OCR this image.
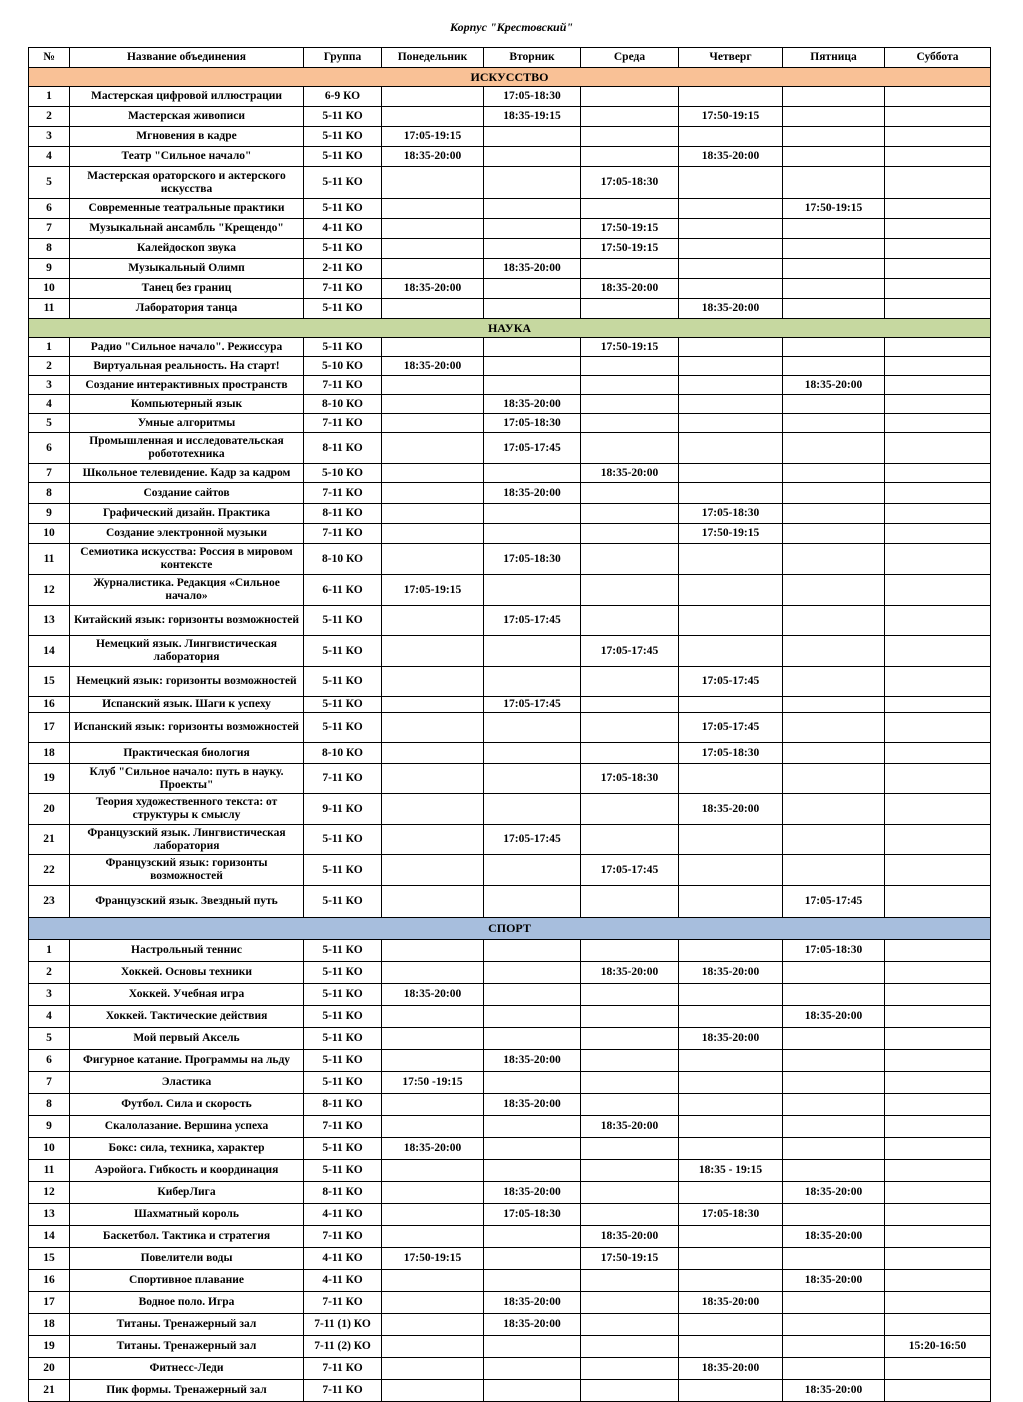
Корпус "Крестовский"
№	Название объединения	Группа	Понедельник	Вторник	Среда	Четверг	Пятница	Суббота
ИСКУССТВО								
1	Мастерская цифровой иллюстрации	6-9 КО		17:05-18:30				
2	Мастерская живописи	5-11 КО		18:35-19:15		17:50-19:15		
3	Мгновения в кадре	5-11 КО	17:05-19:15					
4	Театр "Сильное начало"	5-11 КО	18:35-20:00			18:35-20:00		
5	Мастерская ораторского и актерского искусства	5-11 КО			17:05-18:30			
6	Современные театральные практики	5-11 КО					17:50-19:15	
7	Музыкальнай ансамбль "Крещендо"	4-11 КО			17:50-19:15			
8	Калейдоскоп звука	5-11 КО			17:50-19:15			
9	Музыкальный Олимп	2-11 КО		18:35-20:00				
10	Танец без границ	7-11 КО	18:35-20:00		18:35-20:00			
11	Лаборатория танца	5-11 КО				18:35-20:00		
НАУКА								
1	Радио "Сильное начало". Режиссура	5-11 КО			17:50-19:15			
2	Виртуальная реальность. На старт!	5-10 КО	18:35-20:00					
3	Создание интерактивных пространств	7-11 КО					18:35-20:00	
4	Компьютерный язык	8-10 КО		18:35-20:00				
5	Умные алгоритмы	7-11 КО		17:05-18:30				
6	Промышленная и исследовательская робототехника	8-11 КО		17:05-17:45				
7	Школьное телевидение. Кадр за кадром	5-10 КО			18:35-20:00			
8	Создание сайтов	7-11 КО		18:35-20:00				
9	Графический дизайн. Практика	8-11 КО				17:05-18:30		
10	Создание электронной музыки	7-11 КО				17:50-19:15		
11	Семиотика искусства: Россия в мировом контексте	8-10 КО		17:05-18:30				
12	Журналистика. Редакция «Сильное начало»	6-11 КО	17:05-19:15					
13	Китайский язык: горизонты возможностей	5-11 КО		17:05-17:45				
14	Немецкий язык. Лингвистическая лаборатория	5-11 КО			17:05-17:45			
15	Немецкий язык: горизонты возможностей	5-11 КО				17:05-17:45		
16	Испанский язык. Шаги к успеху	5-11 КО		17:05-17:45				
17	Испанский язык: горизонты возможностей	5-11 КО				17:05-17:45		
18	Практическая биология	8-10 КО				17:05-18:30		
19	Клуб "Сильное начало: путь в науку. Проекты"	7-11 КО			17:05-18:30			
20	Теория художественного текста: от структуры к смыслу	9-11 КО				18:35-20:00		
21	Французский язык. Лингвистическая лаборатория	5-11 КО		17:05-17:45				
22	Французский язык: горизонты возможностей	5-11 КО			17:05-17:45			
23	Французский язык. Звездный путь	5-11 КО					17:05-17:45	
СПОРТ								
1	Настрольный теннис	5-11 КО					17:05-18:30	
2	Хоккей. Основы техники	5-11 КО			18:35-20:00	18:35-20:00		
3	Хоккей. Учебная игра	5-11 КО	18:35-20:00					
4	Хоккей. Тактические действия	5-11 КО					18:35-20:00	
5	Мой первый Аксель	5-11 КО				18:35-20:00		
6	Фигурное катание. Программы на льду	5-11 КО		18:35-20:00				
7	Эластика	5-11 КО	17:50 -19:15					
8	Футбол. Сила и скорость	8-11 КО		18:35-20:00				
9	Скалолазание. Вершина успеха	7-11 КО			18:35-20:00			
10	Бокс: сила, техника, характер	5-11 КО	18:35-20:00					
11	Аэройога. Гибкость и координация	5-11 КО				18:35 - 19:15		
12	КиберЛига	8-11 КО		18:35-20:00			18:35-20:00	
13	Шахматный король	4-11 КО		17:05-18:30		17:05-18:30		
14	Баскетбол. Тактика и стратегия	7-11 КО			18:35-20:00		18:35-20:00	
15	Повелители воды	4-11 КО	17:50-19:15		17:50-19:15			
16	Спортивное плавание	4-11 КО					18:35-20:00	
17	Водное поло. Игра	7-11 КО		18:35-20:00		18:35-20:00		
18	Титаны. Тренажерный зал	7-11 (1) КО		18:35-20:00				
19	Титаны. Тренажерный зал	7-11 (2) КО						15:20-16:50
20	Фитнесс-Леди	7-11 КО				18:35-20:00		
21	Пик формы. Тренажерный зал	7-11 КО					18:35-20:00	
